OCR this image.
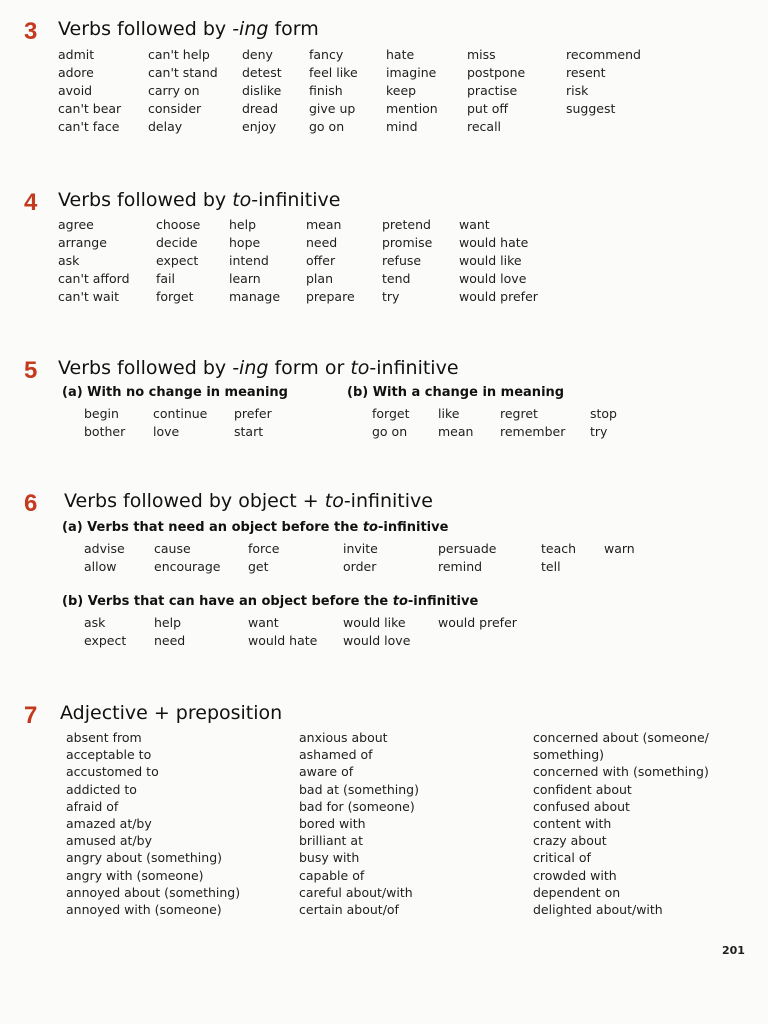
3 Verbs followed by -ing form
admit
adore
avoid
can't bear
can't face
can't help
can't stand
carry on
consider
delay
deny
detest
dislike
dread
enjoy
fancy
feel like
finish
give up
go on
hate
imagine
keep
mention
mind
miss
postpone
practise
put off
recall
recommend
resent
risk
suggest
4 Verbs followed by to-infinitive
agree
arrange
ask
can't afford
can't wait
choose
decide
expect
fail
forget
help
hope
intend
learn
manage
mean
need
offer
plan
prepare
pretend
promise
refuse
tend
try
want
would hate
would like
would love
would prefer
5 Verbs followed by -ing form or to-infinitive
(a) With no change in meaning
begin
bother
continue
love
prefer
start
(b) With a change in meaning
forget
go on
like
mean
regret
remember
stop
try
6 Verbs followed by object + to-infinitive
(a) Verbs that need an object before the to-infinitive
advise
allow
cause
encourage
force
get
invite
order
persuade
remind
teach
tell
warn
(b) Verbs that can have an object before the to-infinitive
ask
expect
help
need
want
would hate
would like
would love
would prefer
7 Adjective + preposition
absent from
acceptable to
accustomed to
addicted to
afraid of
amazed at/by
amused at/by
angry about (something)
angry with (someone)
annoyed about (something)
annoyed with (someone)
anxious about
ashamed of
aware of
bad at (something)
bad for (someone)
bored with
brilliant at
busy with
capable of
careful about/with
certain about/of
concerned about (someone/
something)
concerned with (something)
confident about
confused about
content with
crazy about
critical of
crowded with
dependent on
delighted about/with
201
